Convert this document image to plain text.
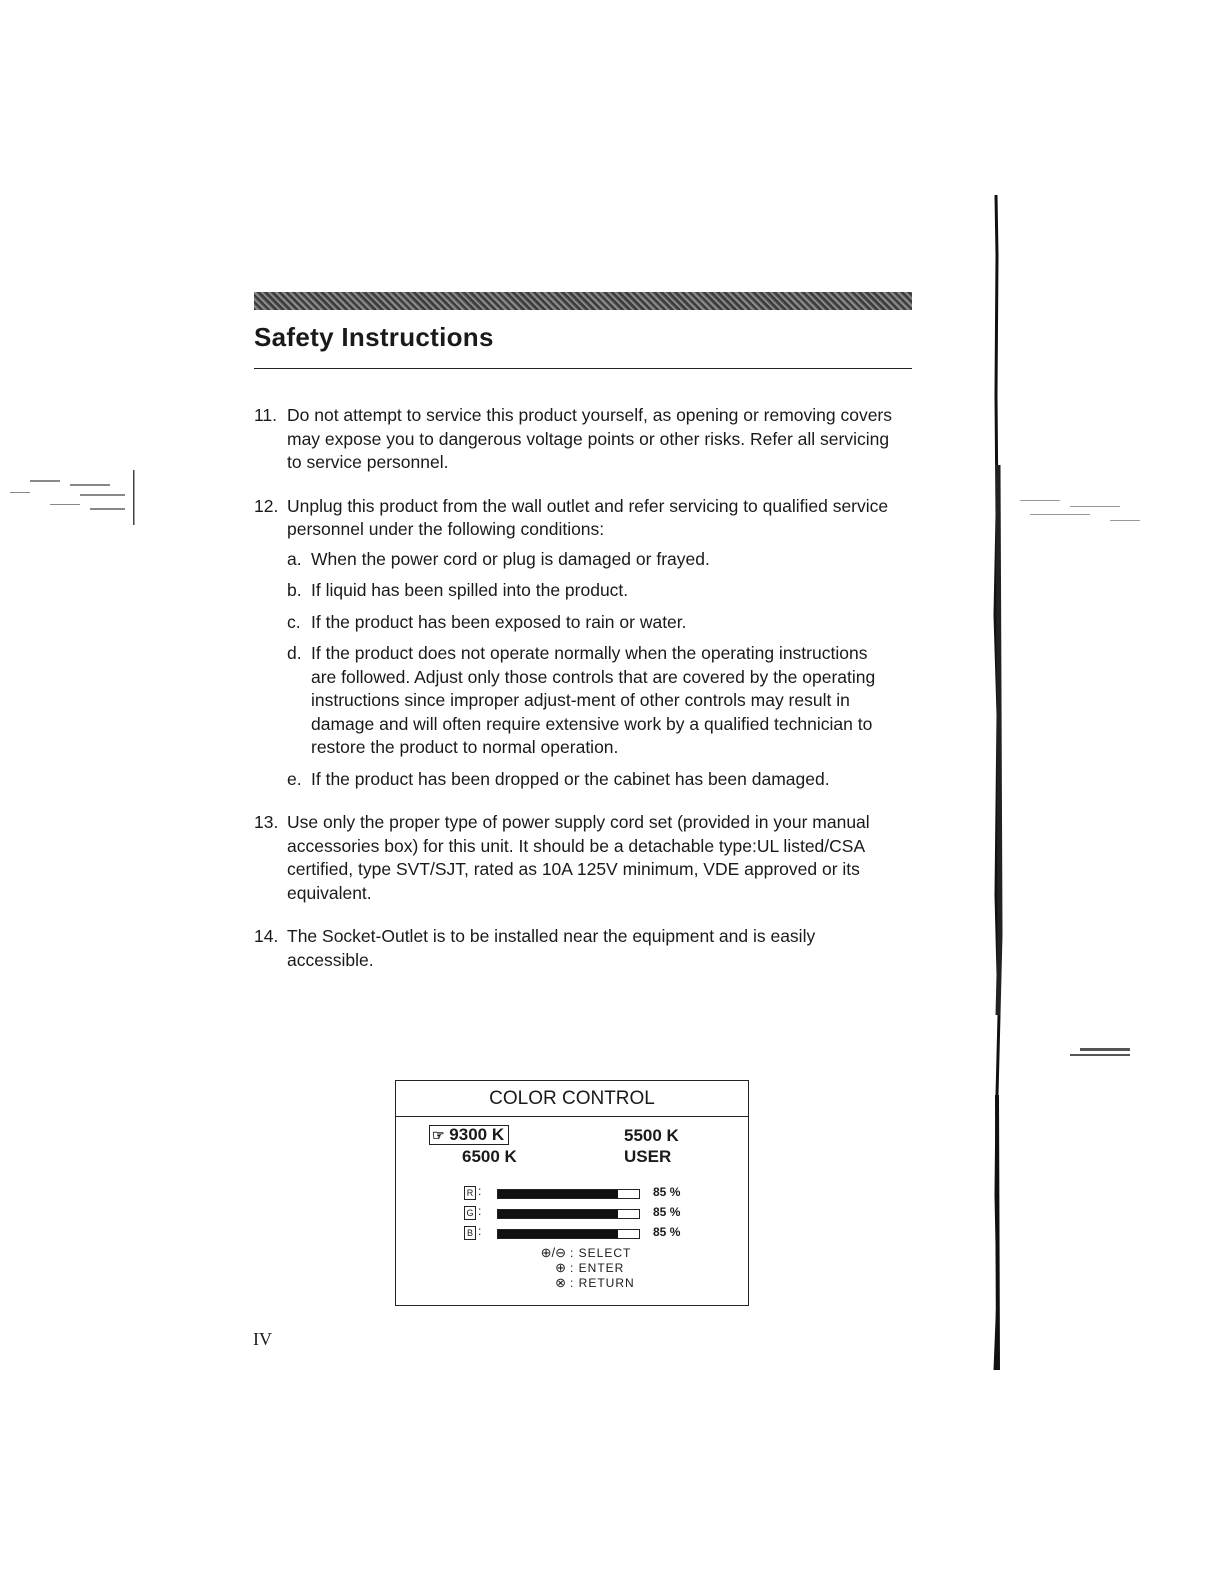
Safety Instructions
11. Do not attempt to service this product yourself, as opening or removing covers may expose you to dangerous voltage points or other risks. Refer all servicing to service personnel.
12. Unplug this product from the wall outlet and refer servicing to qualified service personnel under the following conditions:
a. When the power cord or plug is damaged or frayed.
b. If liquid has been spilled into the product.
c. If the product has been exposed to rain or water.
d. If the product does not operate normally when the operating instructions are followed. Adjust only those controls that are covered by the operating instructions since improper adjust-ment of other controls may result in damage and will often require extensive work by a qualified technician to restore the product to normal operation.
e. If the product has been dropped or the cabinet has been damaged.
13. Use only the proper type of power supply cord set (provided in your manual accessories box) for this unit. It should be a detachable type:UL listed/CSA certified, type SVT/SJT, rated as 10A 125V minimum, VDE approved or its equivalent.
14. The Socket-Outlet is to be installed near the equipment and is easily accessible.
COLOR CONTROL
☞ 9300 K	5500 K
6500 K	USER
R :	85 %
G :	85 %
B :	85 %
⊕/⊖ : SELECT
⊕ : ENTER
⊗ : RETURN
IV
